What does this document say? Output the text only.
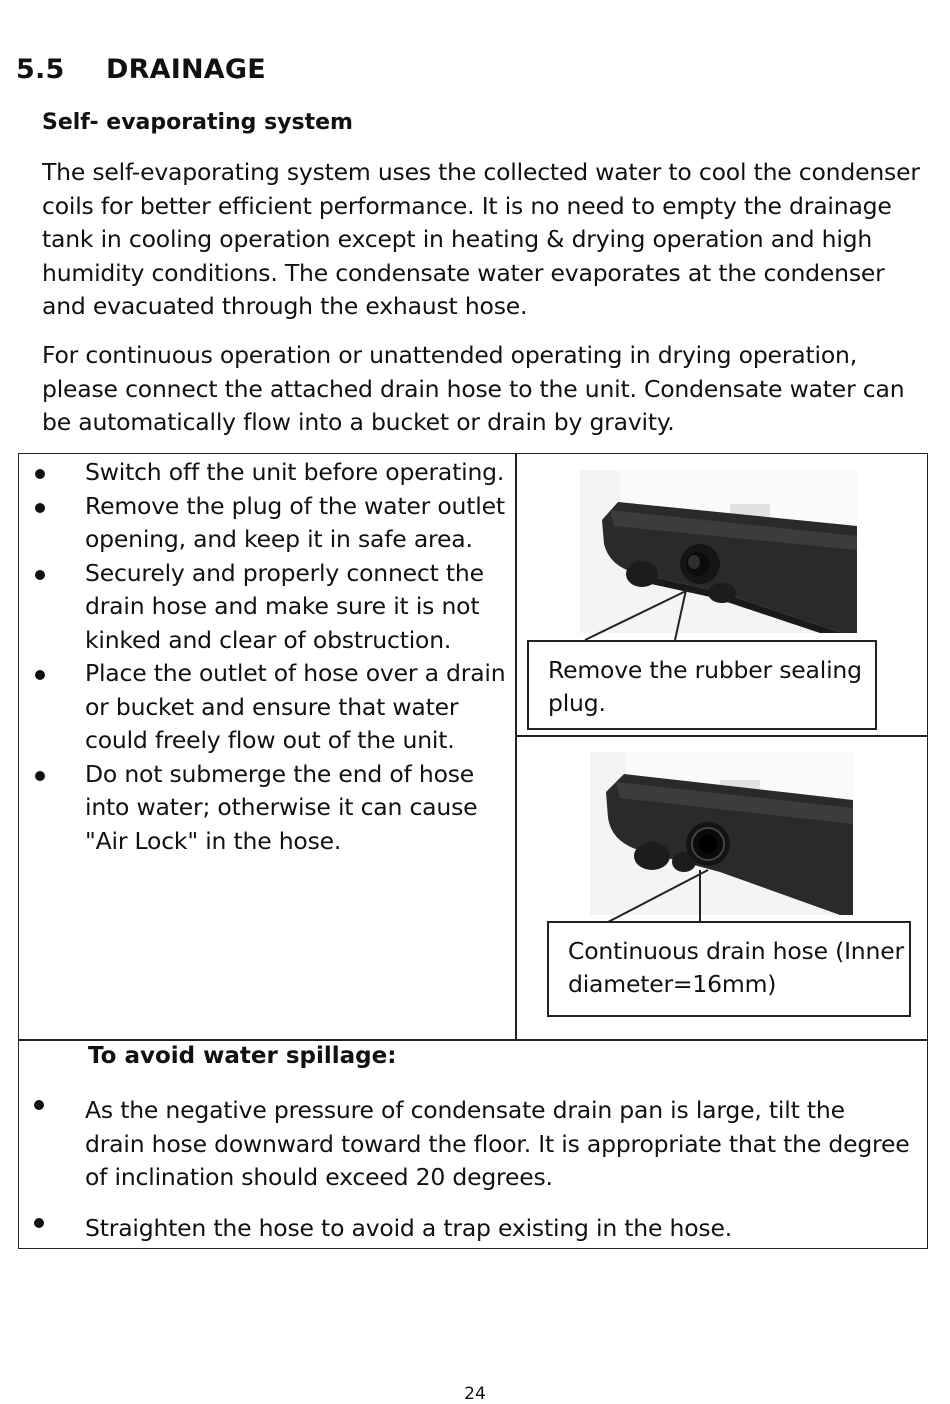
5.5 DRAINAGE
Self- evaporating system
The self-evaporating system uses the collected water to cool the condenser coils for better efficient performance. It is no need to empty the drainage tank in cooling operation except in heating & drying operation and high humidity conditions. The condensate water evaporates at the condenser and evacuated through the exhaust hose.
For continuous operation or unattended operating in drying operation, please connect the attached drain hose to the unit. Condensate water can be automatically flow into a bucket or drain by gravity.
Switch off the unit before operating.
Remove the plug of the water outlet opening, and keep it in safe area.
Securely and properly connect the drain hose and make sure it is not kinked and clear of obstruction.
Place the outlet of hose over a drain or bucket and ensure that water could freely flow out of the unit.
Do not submerge the end of hose into water; otherwise it can cause "Air Lock" in the hose.
Remove the rubber sealing plug.
Continuous drain hose (Inner diameter=16mm)
To avoid water spillage:
As the negative pressure of condensate drain pan is large, tilt the drain hose downward toward the floor. It is appropriate that the degree of inclination should exceed 20 degrees.
Straighten the hose to avoid a trap existing in the hose.
24
